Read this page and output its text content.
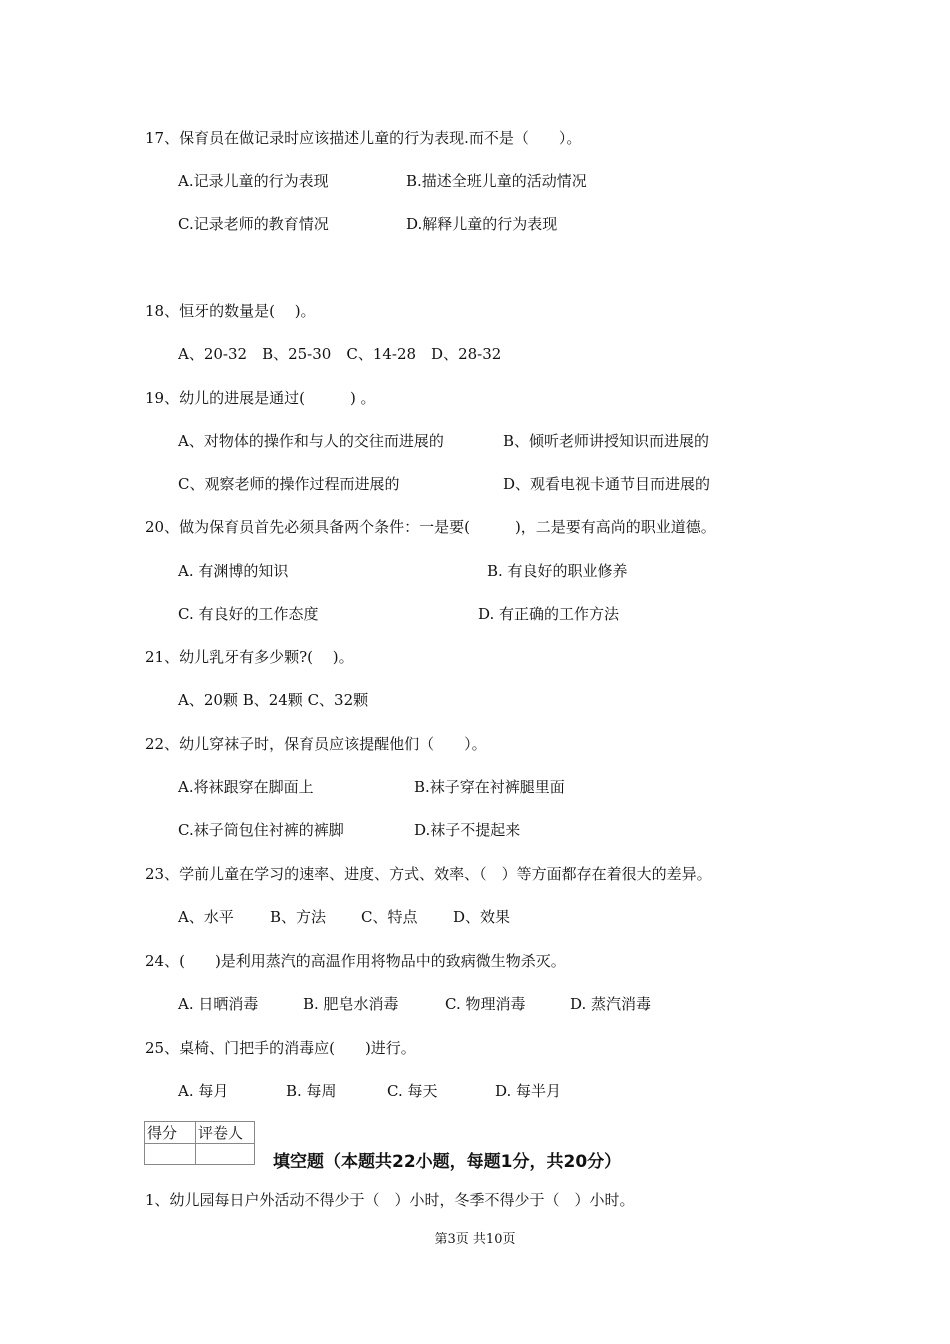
17、保育员在做记录时应该描述儿童的行为表现.而不是（　　）。
A.记录儿童的行为表现	B.描述全班儿童的活动情况
C.记录老师的教育情况	D.解释儿童的行为表现
18、恒牙的数量是(　 )。
A、20-32　B、25-30　C、14-28　D、28-32
19、幼儿的进展是通过(　　　) 。
A、对物体的操作和与人的交往而进展的	B、倾听老师讲授知识而进展的
C、观察老师的操作过程而进展的	D、观看电视卡通节目而进展的
20、做为保育员首先必须具备两个条件：一是要(　　　)，二是要有高尚的职业道德。
A. 有渊博的知识	B. 有良好的职业修养
C. 有良好的工作态度	D. 有正确的工作方法
21、幼儿乳牙有多少颗?(　 )。
A、20颗 B、24颗 C、32颗
22、幼儿穿袜子时，保育员应该提醒他们（　　）。
A.将袜跟穿在脚面上	B.袜子穿在衬裤腿里面
C.袜子筒包住衬裤的裤脚	D.袜子不提起来
23、学前儿童在学习的速率、进度、方式、效率、（　）等方面都存在着很大的差异。
A、水平 B、方法 C、特点 D、效果
24、(　　)是利用蒸汽的高温作用将物品中的致病微生物杀灭。
A. 日晒消毒	B. 肥皂水消毒	C. 物理消毒	D. 蒸汽消毒
25、桌椅、门把手的消毒应(　　)进行。
A. 每月	B. 每周	C. 每天	D. 每半月
得分	评卷人

填空题（本题共22小题，每题1分，共20分）
1、幼儿园每日户外活动不得少于（　）小时，冬季不得少于（　）小时。
第3页 共10页
